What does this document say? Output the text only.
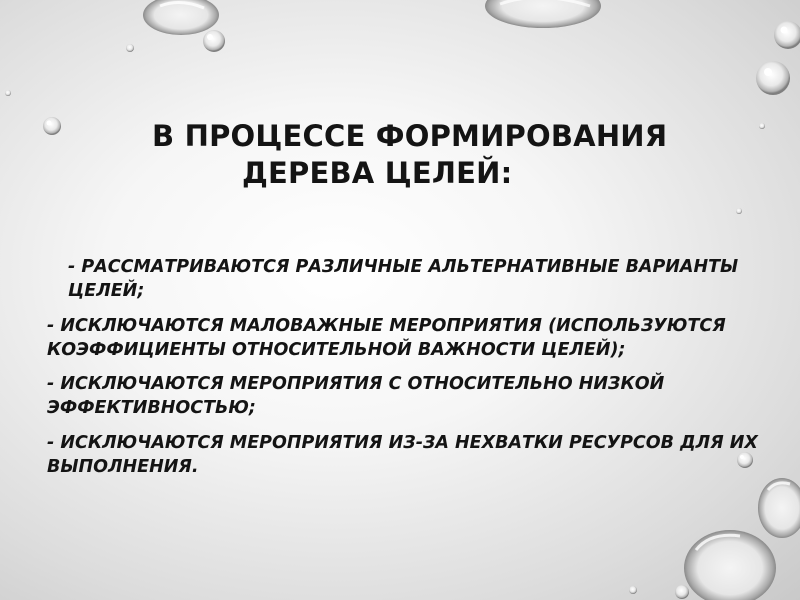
В ПРОЦЕССЕ ФОРМИРОВАНИЯ
ДЕРЕВА ЦЕЛЕЙ:
- РАССМАТРИВАЮТСЯ РАЗЛИЧНЫЕ АЛЬТЕРНАТИВНЫЕ ВАРИАНТЫ
ЦЕЛЕЙ;
- ИСКЛЮЧАЮТСЯ МАЛОВАЖНЫЕ МЕРОПРИЯТИЯ (ИСПОЛЬЗУЮТСЯ
КОЭФФИЦИЕНТЫ ОТНОСИТЕЛЬНОЙ ВАЖНОСТИ ЦЕЛЕЙ);
- ИСКЛЮЧАЮТСЯ МЕРОПРИЯТИЯ С ОТНОСИТЕЛЬНО НИЗКОЙ
ЭФФЕКТИВНОСТЬЮ;
- ИСКЛЮЧАЮТСЯ МЕРОПРИЯТИЯ ИЗ-ЗА НЕХВАТКИ РЕСУРСОВ ДЛЯ ИХ
ВЫПОЛНЕНИЯ.
